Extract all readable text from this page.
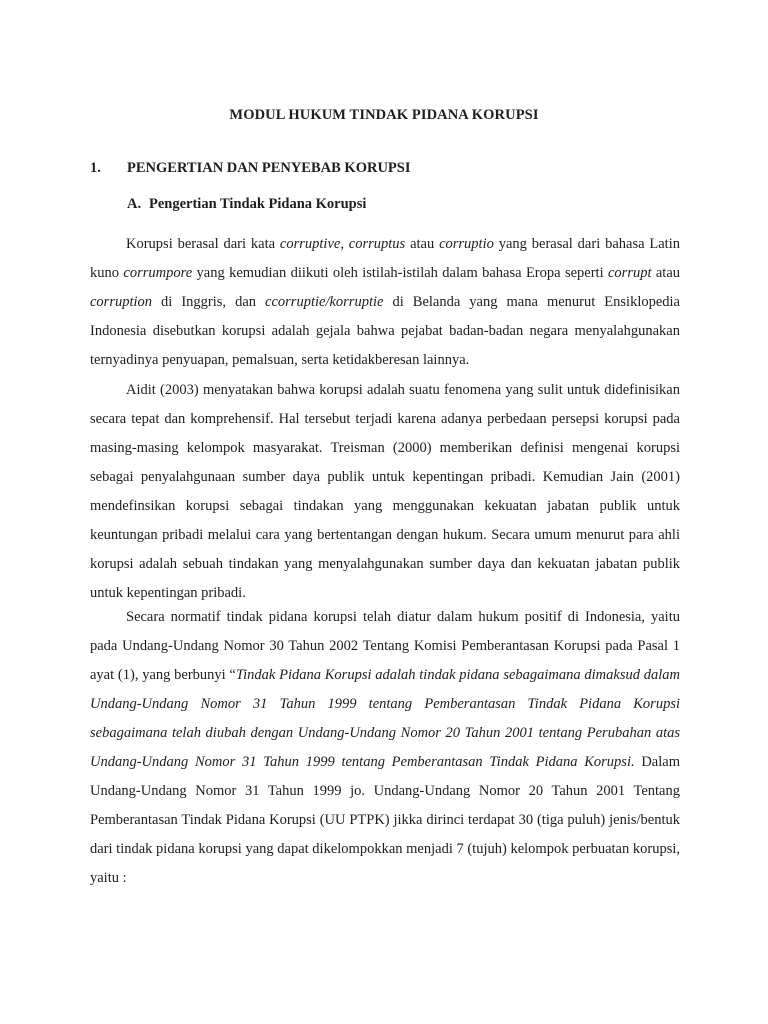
MODUL HUKUM TINDAK PIDANA KORUPSI
1.	PENGERTIAN DAN PENYEBAB KORUPSI
A. Pengertian Tindak Pidana Korupsi

Korupsi berasal dari kata corruptive, corruptus atau corruptio yang berasal dari bahasa Latin kuno corrumpore yang kemudian diikuti oleh istilah-istilah dalam bahasa Eropa seperti corrupt atau corruption di Inggris, dan ccorruptie/korruptie di Belanda yang mana menurut Ensiklopedia Indonesia disebutkan korupsi adalah gejala bahwa pejabat badan-badan negara menyalahgunakan ternyadinya penyuapan, pemalsuan, serta ketidakberesan lainnya.

Aidit (2003) menyatakan bahwa korupsi adalah suatu fenomena yang sulit untuk didefinisikan secara tepat dan komprehensif. Hal tersebut terjadi karena adanya perbedaan persepsi korupsi pada masing-masing kelompok masyarakat. Treisman (2000) memberikan definisi mengenai korupsi sebagai penyalahgunaan sumber daya publik untuk kepentingan pribadi. Kemudian Jain (2001) mendefinsikan korupsi sebagai tindakan yang menggunakan kekuatan jabatan publik untuk keuntungan pribadi melalui cara yang bertentangan dengan hukum. Secara umum menurut para ahli korupsi adalah sebuah tindakan yang menyalahgunakan sumber daya dan kekuatan jabatan publik untuk kepentingan pribadi.

Secara normatif tindak pidana korupsi telah diatur dalam hukum positif di Indonesia, yaitu pada Undang-Undang Nomor 30 Tahun 2002 Tentang Komisi Pemberantasan Korupsi pada Pasal 1 ayat (1), yang berbunyi “Tindak Pidana Korupsi adalah tindak pidana sebagaimana dimaksud dalam Undang-Undang Nomor 31 Tahun 1999 tentang Pemberantasan Tindak Pidana Korupsi sebagaimana telah diubah dengan Undang-Undang Nomor 20 Tahun 2001 tentang Perubahan atas Undang-Undang Nomor 31 Tahun 1999 tentang Pemberantasan Tindak Pidana Korupsi. Dalam Undang-Undang Nomor 31 Tahun 1999 jo. Undang-Undang Nomor 20 Tahun 2001 Tentang Pemberantasan Tindak Pidana Korupsi (UU PTPK) jikka dirinci terdapat 30 (tiga puluh) jenis/bentuk dari tindak pidana korupsi yang dapat dikelompokkan menjadi 7 (tujuh) kelompok perbuatan korupsi, yaitu :
